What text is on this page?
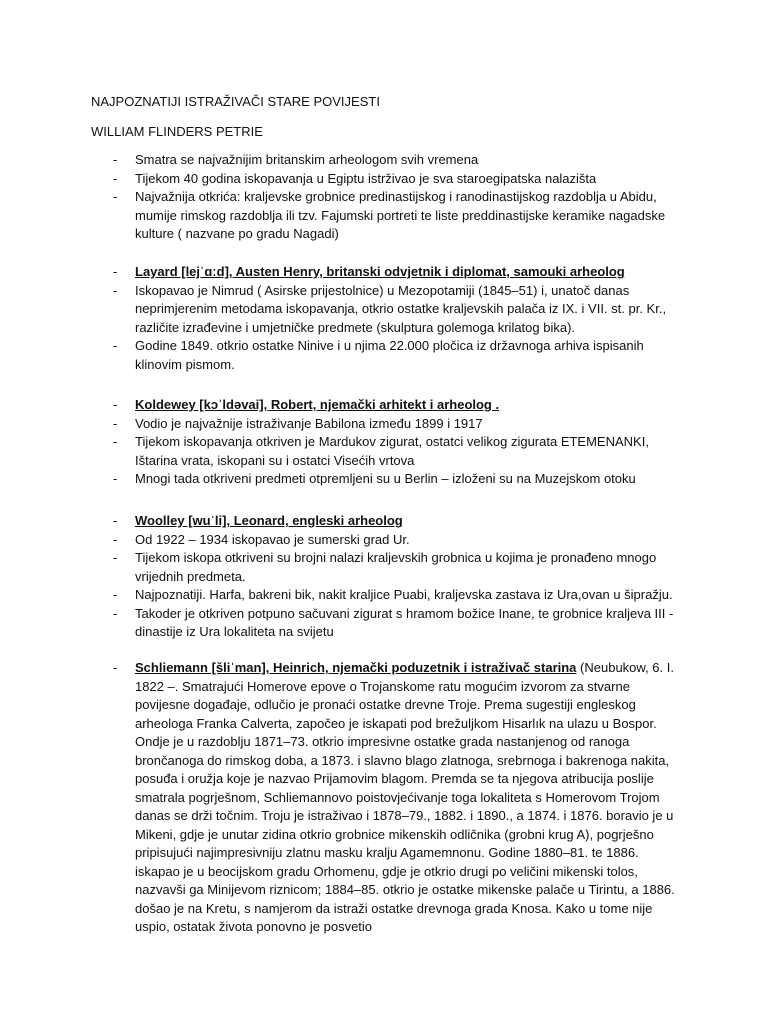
NAJPOZNATIJI ISTRAŽIVAČI STARE POVIJESTI
WILLIAM FLINDERS PETRIE
- Smatra se najvažnijim britanskim arheologom svih vremena
- Tijekom 40 godina iskopavanja u Egiptu istrživao je sva staroegipatska nalazišta
- Najvažnija otkrića: kraljevske grobnice predinastijskog i ranodinastijskog razdoblja u Abidu, mumije rimskog razdoblja ili tzv. Fajumski portreti te liste preddinastijske keramike nagadske kulture ( nazvane po gradu Nagadi)
- Layard [lejˈɑːd], Austen Henry, britanski odvjetnik i diplomat, samouki arheolog
- Iskopavao je Nimrud ( Asirske prijestolnice) u Mezopotamiji (1845–51) i, unatoč danas neprimjerenim metodama iskopavanja, otkrio ostatke kraljevskih palača iz IX. i VII. st. pr. Kr., različite izrađevine i umjetničke predmete (skulptura golemoga krilatog bika).
- Godine 1849. otkrio ostatke Ninive i u njima 22.000 pločica iz državnoga arhiva ispisanih klinovim pismom.
- Koldewey [kɔˈldəvai], Robert, njemački arhitekt i arheolog .
- Vodio je najvažnije istraživanje Babilona između 1899 i 1917
- Tijekom iskopavanja otkriven je Mardukov zigurat, ostatci velikog zigurata ETEMENANKI, Ištarina vrata, iskopani su i ostatci Visećih vrtova
- Mnogi tada otkriveni predmeti otpremljeni su u Berlin – izloženi su na Muzejskom otoku
- Woolley [wuˈli], Leonard, engleski arheolog
- Od 1922 – 1934 iskopavao je sumerski grad Ur.
- Tijekom iskopa otkriveni su brojni nalazi kraljevskih grobnica u kojima je pronađeno mnogo vrijednih predmeta.
- Najpoznatiji. Harfa, bakreni bik, nakit kraljice Puabi, kraljevska zastava iz Ura,ovan u šipražju.
- Takoder je otkriven potpuno sačuvani zigurat s hramom božice Inane, te grobnice kraljeva III - dinastije iz Ura lokaliteta na svijetu
- Schliemann [šliˈman], Heinrich, njemački poduzetnik i istraživač starina (Neubukow, 6. I. 1822 –. Smatrajući Homerove epove o Trojanskome ratu mogućim izvorom za stvarne povijesne događaje, odlučio je pronaći ostatke drevne Troje. Prema sugestiji engleskog arheologa Franka Calverta, započeo je iskapati pod brežuljkom Hisarlık na ulazu u Bospor. Ondje je u razdoblju 1871–73. otkrio impresivne ostatke grada nastanjenog od ranoga brončanoga do rimskog doba, a 1873. i slavno blago zlatnoga, srebrnoga i bakrenoga nakita, posuđa i oružja koje je nazvao Prijamovim blagom. Premda se ta njegova atribucija poslije smatrala pogrješnom, Schliemannovo poistovjećivanje toga lokaliteta s Homerovom Trojom danas se drži točnim. Troju je istraživao i 1878–79., 1882. i 1890., a 1874. i 1876. boravio je u Mikeni, gdje je unutar zidina otkrio grobnice mikenskih odličnika (grobni krug A), pogrješno pripisujući najimpresivniju zlatnu masku kralju Agamemnonu. Godine 1880–81. te 1886. iskapao je u beocijskom gradu Orhomenu, gdje je otkrio drugi po veličini mikenski tolos, nazvavši ga Minijevom riznicom; 1884–85. otkrio je ostatke mikenske palače u Tirintu, a 1886. došao je na Kretu, s namjerom da istraži ostatke drevnoga grada Knosa. Kako u tome nije uspio, ostatak života ponovno je posvetio
